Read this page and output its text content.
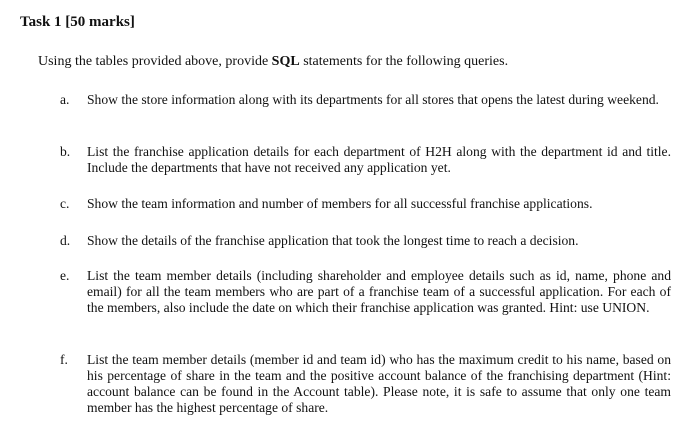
Task 1 [50 marks]
Using the tables provided above, provide SQL statements for the following queries.
a.	Show the store information along with its departments for all stores that opens the latest during weekend.
b.	List the franchise application details for each department of H2H along with the department id and title. Include the departments that have not received any application yet.
c.	Show the team information and number of members for all successful franchise applications.
d.	Show the details of the franchise application that took the longest time to reach a decision.
e.	List the team member details (including shareholder and employee details such as id, name, phone and email) for all the team members who are part of a franchise team of a successful application. For each of the members, also include the date on which their franchise application was granted. Hint: use UNION.
f.	List the team member details (member id and team id) who has the maximum credit to his name, based on his percentage of share in the team and the positive account balance of the franchising department (Hint: account balance can be found in the Account table). Please note, it is safe to assume that only one team member has the highest percentage of share.
